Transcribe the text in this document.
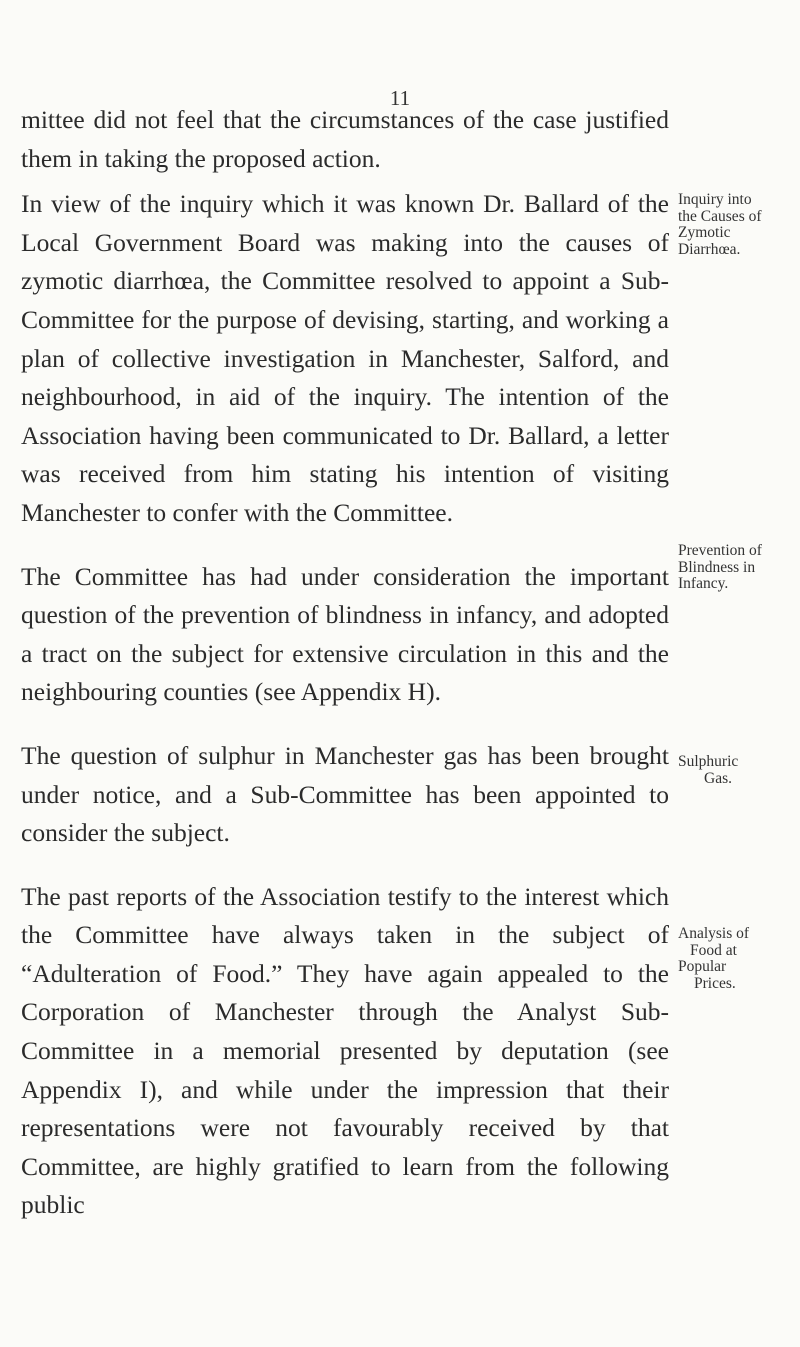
11

mittee did not feel that the circumstances of the case justified them in taking the proposed action.

In view of the inquiry which it was known Dr. Ballard of the Local Government Board was making into the causes of zymotic diarrhœa, the Committee resolved to appoint a Sub-Committee for the purpose of devising, starting, and working a plan of collective investigation in Manchester, Salford, and neighbourhood, in aid of the inquiry. The intention of the Association having been communicated to Dr. Ballard, a letter was received from him stating his intention of visiting Manchester to confer with the Committee.

The Committee has had under consideration the important question of the prevention of blindness in infancy, and adopted a tract on the subject for extensive circulation in this and the neighbouring counties (see Appendix H).

The question of sulphur in Manchester gas has been brought under notice, and a Sub-Committee has been appointed to consider the subject.

The past reports of the Association testify to the interest which the Committee have always taken in the subject of “Adulteration of Food.” They have again appealed to the Corporation of Manchester through the Analyst Sub-Committee in a memorial presented by deputation (see Appendix I), and while under the impression that their representations were not favourably received by that Committee, are highly gratified to learn from the following public

Inquiry into
the Causes of
Zymotic
Diarrhœa.
Prevention of
Blindness in
Infancy.
Sulphuric
Gas.
Analysis of
Food at
Popular
Prices.
